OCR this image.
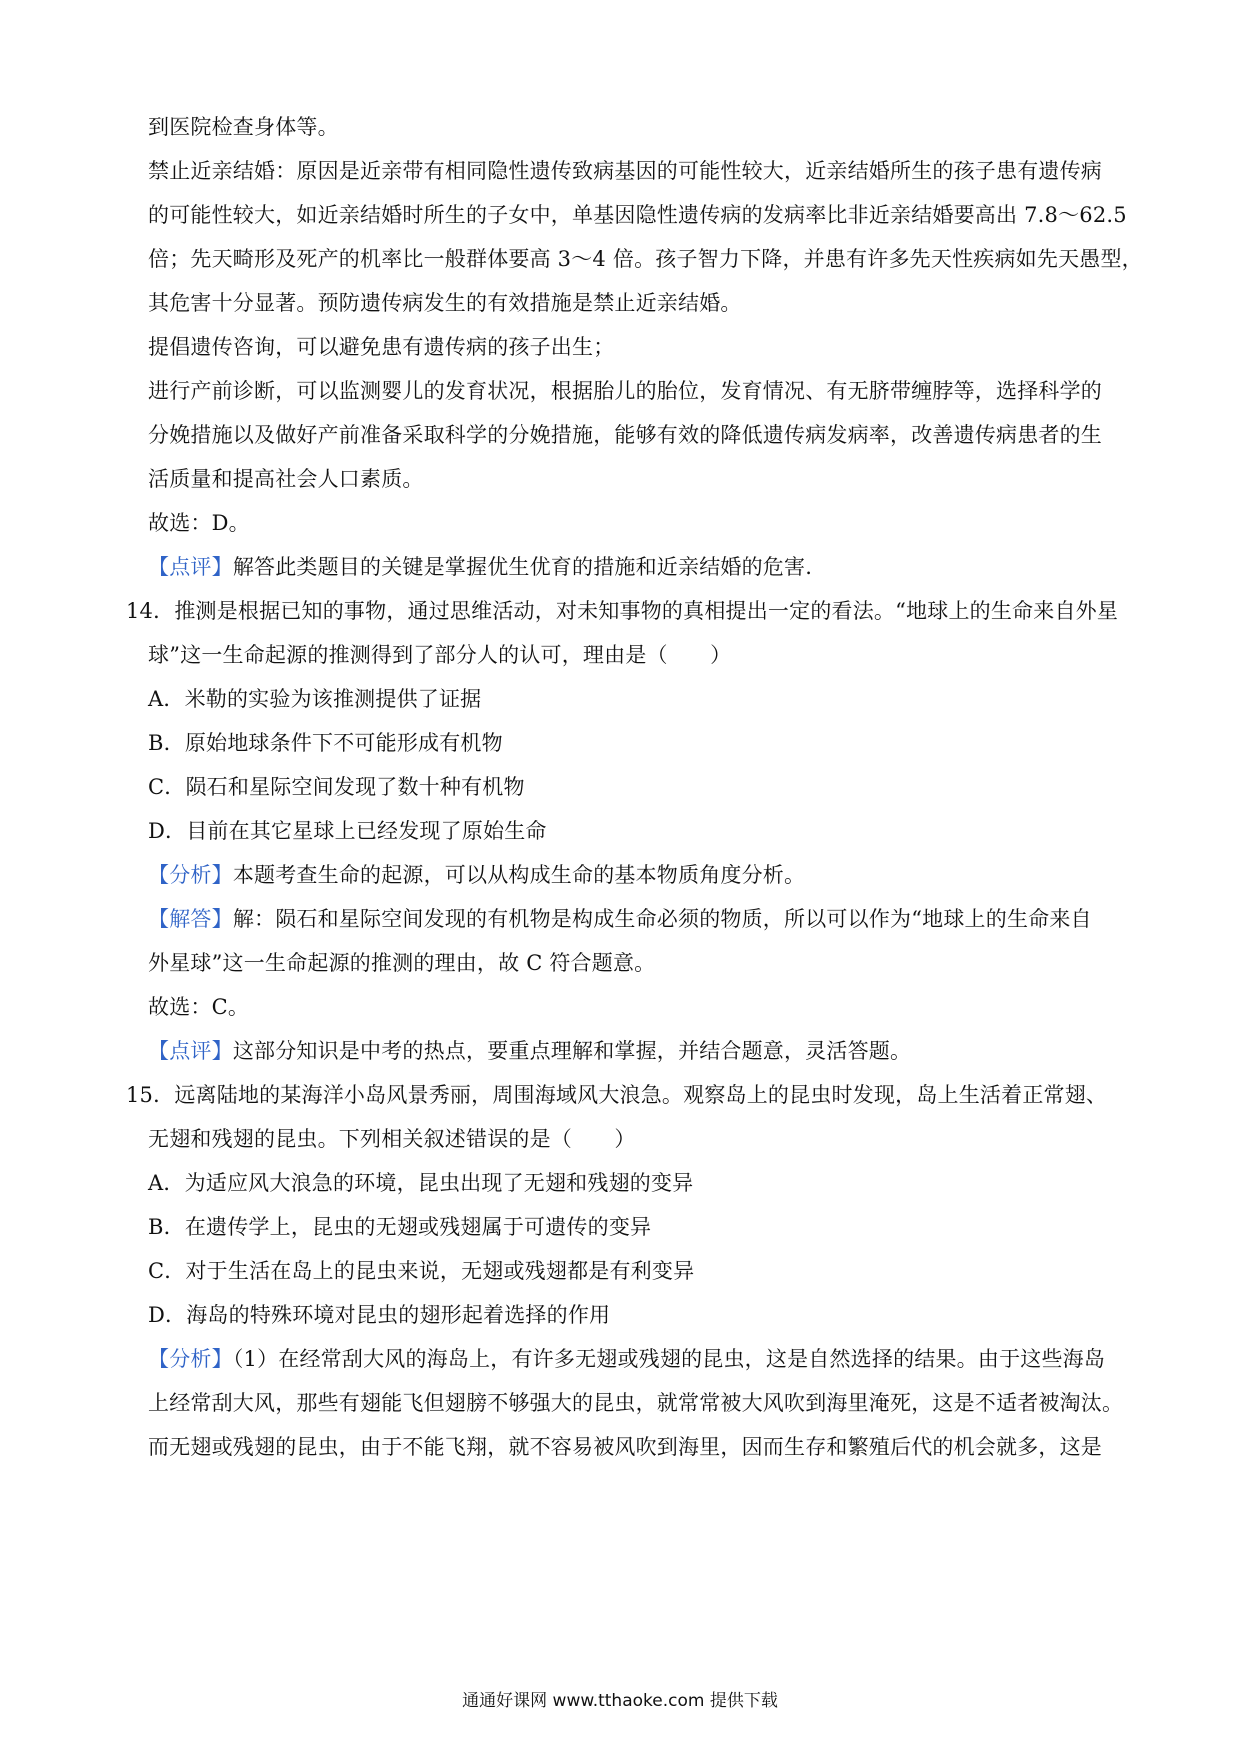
到医院检查身体等。
禁止近亲结婚：原因是近亲带有相同隐性遗传致病基因的可能性较大，近亲结婚所生的孩子患有遗传病
的可能性较大，如近亲结婚时所生的子女中，单基因隐性遗传病的发病率比非近亲结婚要高出 7.8～62.5
倍；先天畸形及死产的机率比一般群体要高 3～4 倍。孩子智力下降，并患有许多先天性疾病如先天愚型，
其危害十分显著。预防遗传病发生的有效措施是禁止近亲结婚。
提倡遗传咨询，可以避免患有遗传病的孩子出生；
进行产前诊断，可以监测婴儿的发育状况，根据胎儿的胎位，发育情况、有无脐带缠脖等，选择科学的
分娩措施以及做好产前准备采取科学的分娩措施，能够有效的降低遗传病发病率，改善遗传病患者的生
活质量和提高社会人口素质。
故选：D。
【点评】解答此类题目的关键是掌握优生优育的措施和近亲结婚的危害.
14．推测是根据已知的事物，通过思维活动，对未知事物的真相提出一定的看法。“地球上的生命来自外星
球”这一生命起源的推测得到了部分人的认可，理由是（　　）
A．米勒的实验为该推测提供了证据
B．原始地球条件下不可能形成有机物
C．陨石和星际空间发现了数十种有机物
D．目前在其它星球上已经发现了原始生命
【分析】本题考查生命的起源，可以从构成生命的基本物质角度分析。
【解答】解：陨石和星际空间发现的有机物是构成生命必须的物质，所以可以作为“地球上的生命来自
外星球”这一生命起源的推测的理由，故 C 符合题意。
故选：C。
【点评】这部分知识是中考的热点，要重点理解和掌握，并结合题意，灵活答题。
15．远离陆地的某海洋小岛风景秀丽，周围海域风大浪急。观察岛上的昆虫时发现，岛上生活着正常翅、
无翅和残翅的昆虫。下列相关叙述错误的是（　　）
A．为适应风大浪急的环境，昆虫出现了无翅和残翅的变异
B．在遗传学上，昆虫的无翅或残翅属于可遗传的变异
C．对于生活在岛上的昆虫来说，无翅或残翅都是有利变异
D．海岛的特殊环境对昆虫的翅形起着选择的作用
【分析】（1）在经常刮大风的海岛上，有许多无翅或残翅的昆虫，这是自然选择的结果。由于这些海岛
上经常刮大风，那些有翅能飞但翅膀不够强大的昆虫，就常常被大风吹到海里淹死，这是不适者被淘汰。
而无翅或残翅的昆虫，由于不能飞翔，就不容易被风吹到海里，因而生存和繁殖后代的机会就多，这是
通通好课网 www.tthaoke.com 提供下载
